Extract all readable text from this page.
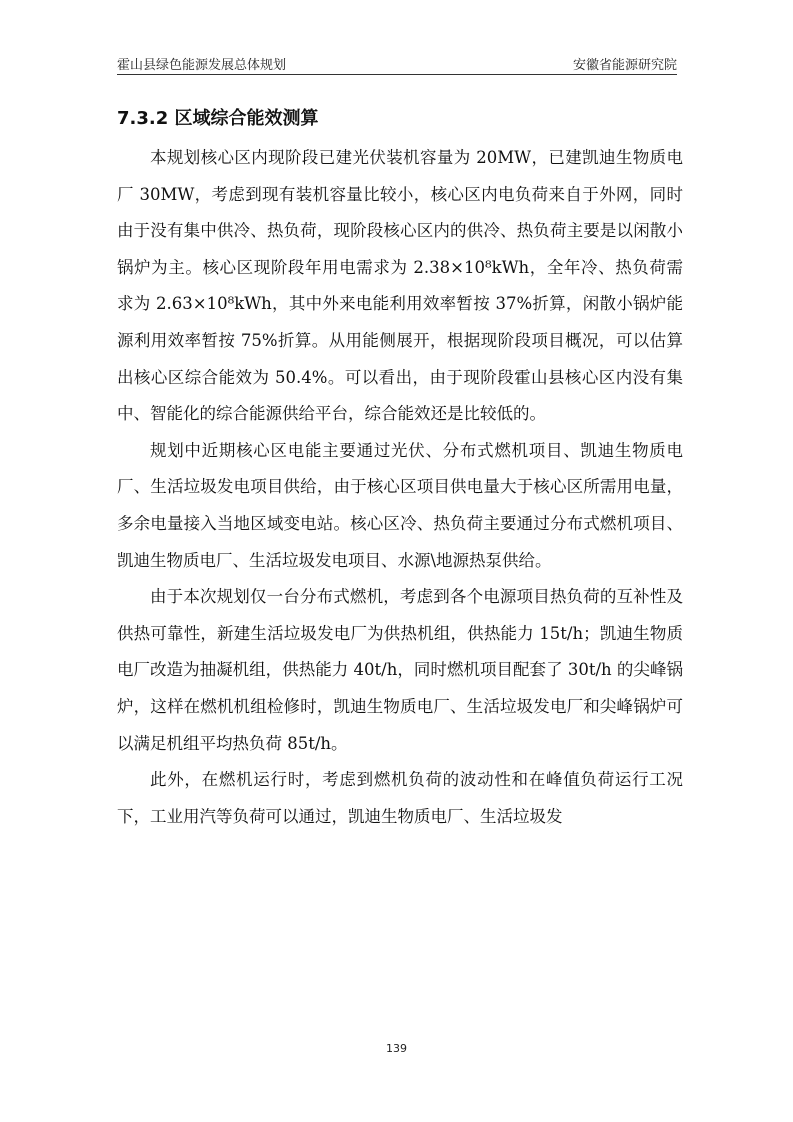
霍山县绿色能源发展总体规划	安徽省能源研究院
7.3.2 区域综合能效测算

本规划核心区内现阶段已建光伏装机容量为 20MW，已建凯迪生物质电厂 30MW，考虑到现有装机容量比较小，核心区内电负荷来自于外网，同时由于没有集中供冷、热负荷，现阶段核心区内的供冷、热负荷主要是以闲散小锅炉为主。核心区现阶段年用电需求为 2.38×10⁸kWh，全年冷、热负荷需求为 2.63×10⁸kWh，其中外来电能利用效率暂按 37%折算，闲散小锅炉能源利用效率暂按 75%折算。从用能侧展开，根据现阶段项目概况，可以估算出核心区综合能效为 50.4%。可以看出，由于现阶段霍山县核心区内没有集中、智能化的综合能源供给平台，综合能效还是比较低的。

规划中近期核心区电能主要通过光伏、分布式燃机项目、凯迪生物质电厂、生活垃圾发电项目供给，由于核心区项目供电量大于核心区所需用电量，多余电量接入当地区域变电站。核心区冷、热负荷主要通过分布式燃机项目、凯迪生物质电厂、生活垃圾发电项目、水源\地源热泵供给。

由于本次规划仅一台分布式燃机，考虑到各个电源项目热负荷的互补性及供热可靠性，新建生活垃圾发电厂为供热机组，供热能力 15t/h；凯迪生物质电厂改造为抽凝机组，供热能力 40t/h，同时燃机项目配套了 30t/h 的尖峰锅炉，这样在燃机机组检修时，凯迪生物质电厂、生活垃圾发电厂和尖峰锅炉可以满足机组平均热负荷 85t/h。

此外，在燃机运行时，考虑到燃机负荷的波动性和在峰值负荷运行工况下，工业用汽等负荷可以通过，凯迪生物质电厂、生活垃圾发

139
